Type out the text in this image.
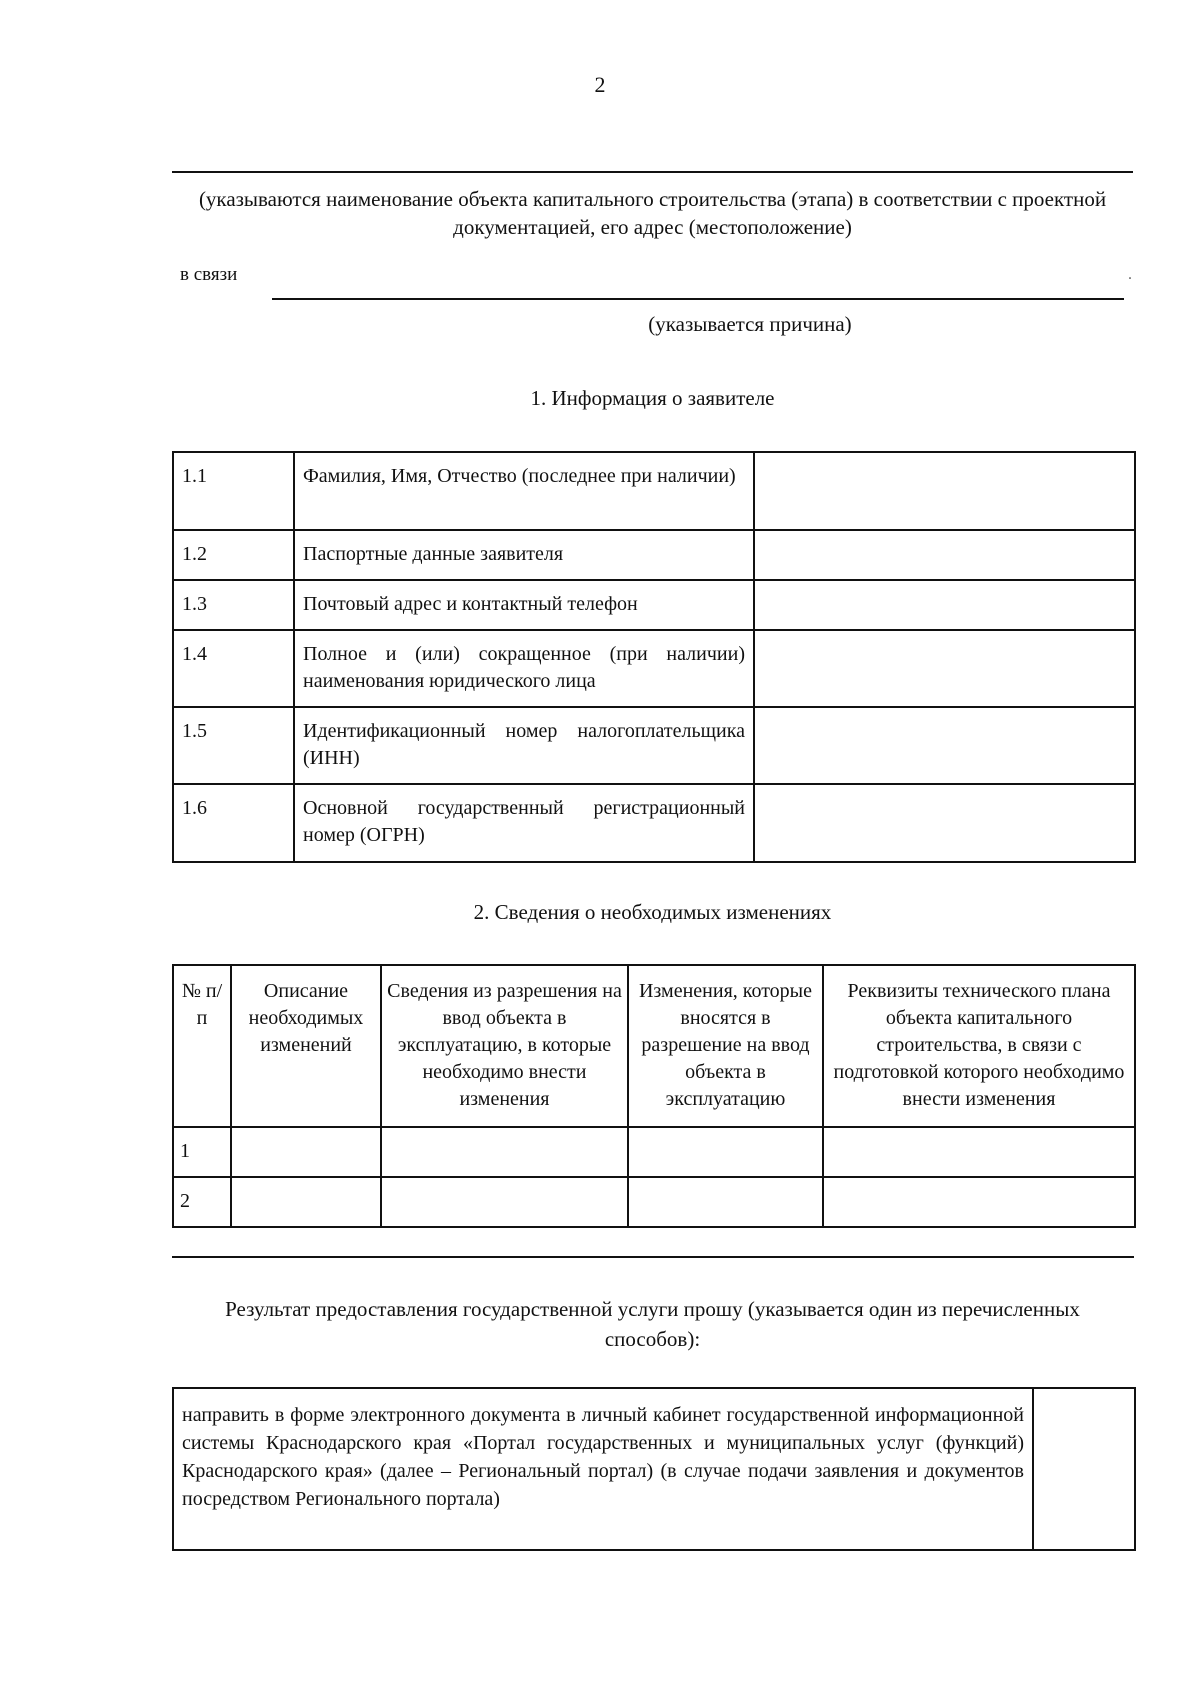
2
(указываются наименование объекта капитального строительства (этапа) в соответствии с проектной документацией, его адрес (местоположение)
в связи	.
(указывается причина)
1. Информация о заявителе
1.1	Фамилия, Имя, Отчество (последнее при наличии)	
1.2	Паспортные данные заявителя	
1.3	Почтовый адрес и контактный телефон	
1.4	Полное и (или) сокращенное (при наличии) наименования юридического лица	
1.5	Идентификационный номер налогоплательщика (ИНН)	
1.6	Основной государственный регистрационный номер (ОГРН)	
2. Сведения о необходимых изменениях
№ п/п	Описание необходимых изменений	Сведения из разрешения на ввод объекта в эксплуатацию, в которые необходимо внести изменения	Изменения, которые вносятся в разрешение на ввод объекта в эксплуатацию	Реквизиты технического плана объекта капитального строительства, в связи с подготовкой которого необходимо внести изменения
1				
2				
Результат предоставления государственной услуги прошу (указывается один из перечисленных способов):
направить в форме электронного документа в личный кабинет государственной информационной системы Краснодарского края «Портал государственных и муниципальных услуг (функций) Краснодарского края» (далее – Региональный портал) (в случае подачи заявления и документов посредством Регионального портала)	
